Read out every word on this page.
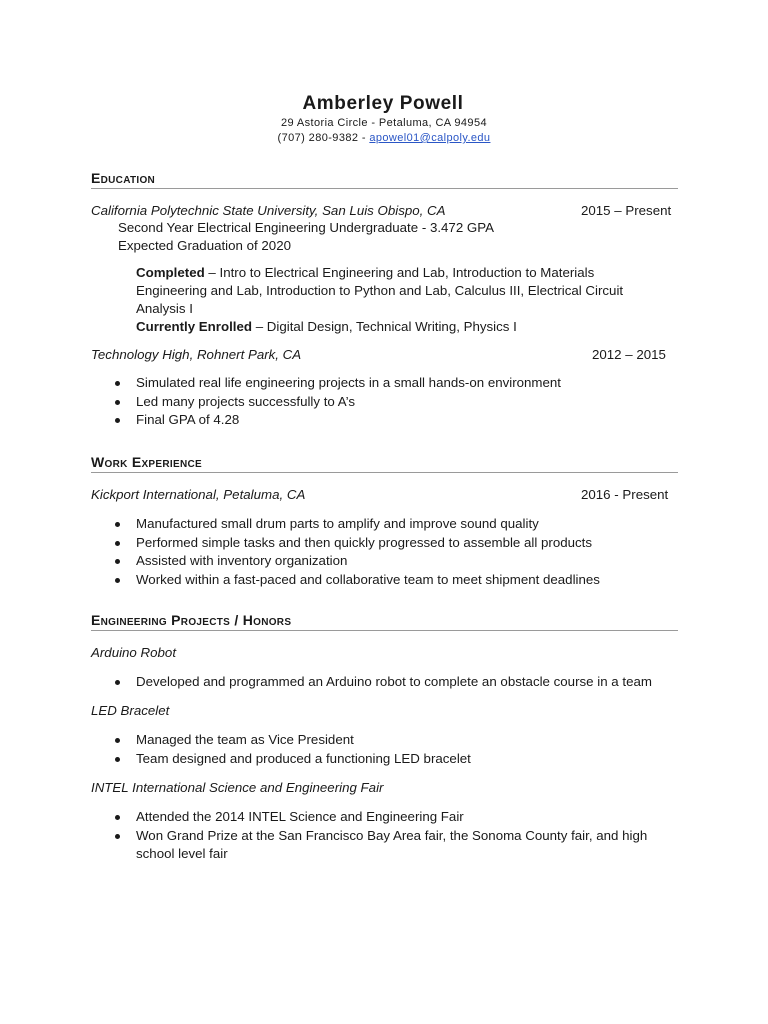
Amberley Powell
29 Astoria Circle - Petaluma, CA 94954
(707) 280-9382 - apowel01@calpoly.edu
Education
California Polytechnic State University, San Luis Obispo, CA	2015 – Present
Second Year Electrical Engineering Undergraduate - 3.472 GPA
Expected Graduation of 2020
Completed – Intro to Electrical Engineering and Lab, Introduction to Materials Engineering and Lab, Introduction to Python and Lab, Calculus III, Electrical Circuit Analysis I
Currently Enrolled – Digital Design, Technical Writing, Physics I
Technology High, Rohnert Park, CA	2012 – 2015
Simulated real life engineering projects in a small hands-on environment
Led many projects successfully to A’s
Final GPA of 4.28
Work Experience
Kickport International, Petaluma, CA	2016 - Present
Manufactured small drum parts to amplify and improve sound quality
Performed simple tasks and then quickly progressed to assemble all products
Assisted with inventory organization
Worked within a fast-paced and collaborative team to meet shipment deadlines
Engineering Projects / Honors
Arduino Robot
Developed and programmed an Arduino robot to complete an obstacle course in a team
LED Bracelet
Managed the team as Vice President
Team designed and produced a functioning LED bracelet
INTEL International Science and Engineering Fair
Attended the 2014 INTEL Science and Engineering Fair
Won Grand Prize at the San Francisco Bay Area fair, the Sonoma County fair, and high school level fair
